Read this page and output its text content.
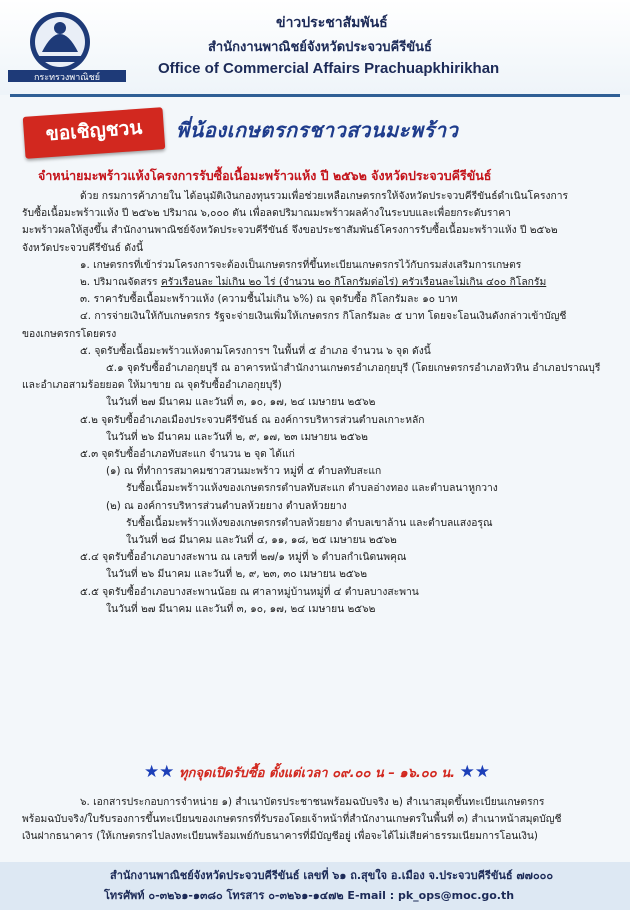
กระทรวงพาณิชย์
ข่าวประชาสัมพันธ์
สำนักงานพาณิชย์จังหวัดประจวบคีรีขันธ์
Office of Commercial Affairs Prachuapkhirikhan
ขอเชิญชวน	พี่น้องเกษตรกรชาวสวนมะพร้าว
จำหน่ายมะพร้าวแห้งโครงการรับซื้อเนื้อมะพร้าวแห้ง ปี ๒๕๖๒ จังหวัดประจวบคีรีขันธ์

ด้วย กรมการค้าภายใน ได้อนุมัติเงินกองทุนรวมเพื่อช่วยเหลือเกษตรกรให้จังหวัดประจวบคีรีขันธ์ดำเนินโครงการ

รับซื้อเนื้อมะพร้าวแห้ง ปี ๒๕๖๒ ปริมาณ ๖,๐๐๐ ตัน เพื่อลดปริมาณมะพร้าวผลค้างในระบบและเพื่อยกระดับราคา

มะพร้าวผลให้สูงขึ้น สำนักงานพาณิชย์จังหวัดประจวบคีรีขันธ์ จึงขอประชาสัมพันธ์โครงการรับซื้อเนื้อมะพร้าวแห้ง ปี ๒๕๖๒

จังหวัดประจวบคีรีขันธ์ ดังนี้

๑. เกษตรกรที่เข้าร่วมโครงการจะต้องเป็นเกษตรกรที่ขึ้นทะเบียนเกษตรกรไว้กับกรมส่งเสริมการเกษตร

๒. ปริมาณจัดสรร ครัวเรือนละ ไม่เกิน ๒๐ ไร่ (จำนวน ๒๐ กิโลกรัมต่อไร่) ครัวเรือนละไม่เกิน ๔๐๐ กิโลกรัม

๓. ราคารับซื้อเนื้อมะพร้าวแห้ง (ความชื้นไม่เกิน ๖%) ณ จุดรับซื้อ กิโลกรัมละ ๑๐ บาท

๔. การจ่ายเงินให้กับเกษตรกร รัฐจะจ่ายเงินเพิ่มให้เกษตรกร กิโลกรัมละ ๕ บาท โดยจะโอนเงินดังกล่าวเข้าบัญชี

ของเกษตรกรโดยตรง

๕. จุดรับซื้อเนื้อมะพร้าวแห้งตามโครงการฯ ในพื้นที่ ๕ อำเภอ จำนวน ๖ จุด ดังนี้

๕.๑ จุดรับซื้ออำเภอกุยบุรี ณ อาคารหน้าสำนักงานเกษตรอำเภอกุยบุรี (โดยเกษตรกรอำเภอหัวหิน อำเภอปราณบุรี

และอำเภอสามร้อยยอด ให้มาขาย ณ จุดรับซื้ออำเภอกุยบุรี)

ในวันที่ ๒๗ มีนาคม และวันที่ ๓, ๑๐, ๑๗, ๒๔ เมษายน ๒๕๖๒

๕.๒ จุดรับซื้ออำเภอเมืองประจวบคีรีขันธ์ ณ องค์การบริหารส่วนตำบลเกาะหลัก

ในวันที่ ๒๖ มีนาคม และวันที่ ๒, ๙, ๑๗, ๒๓ เมษายน ๒๕๖๒

๕.๓ จุดรับซื้ออำเภอทับสะแก จำนวน ๒ จุด ได้แก่

(๑) ณ ที่ทำการสมาคมชาวสวนมะพร้าว หมู่ที่ ๕ ตำบลทับสะแก

รับซื้อเนื้อมะพร้าวแห้งของเกษตรกรตำบลทับสะแก ตำบลอ่างทอง และตำบลนาหูกวาง

(๒) ณ องค์การบริหารส่วนตำบลห้วยยาง ตำบลห้วยยาง

รับซื้อเนื้อมะพร้าวแห้งของเกษตรกรตำบลห้วยยาง ตำบลเขาล้าน และตำบลแสงอรุณ

ในวันที่ ๒๘ มีนาคม และวันที่ ๔, ๑๑, ๑๘, ๒๕ เมษายน ๒๕๖๒

๕.๔ จุดรับซื้ออำเภอบางสะพาน ณ เลขที่ ๒๗/๑ หมู่ที่ ๖ ตำบลกำเนิดนพคุณ

ในวันที่ ๒๖ มีนาคม และวันที่ ๒, ๙, ๒๓, ๓๐ เมษายน ๒๕๖๒

๕.๕ จุดรับซื้ออำเภอบางสะพานน้อย ณ ศาลาหมู่บ้านหมู่ที่ ๔ ตำบลบางสะพาน

ในวันที่ ๒๗ มีนาคม และวันที่ ๓, ๑๐, ๑๗, ๒๔ เมษายน ๒๕๖๒

★★ ทุกจุดเปิดรับซื้อ ตั้งแต่เวลา ๐๙.๐๐ น – ๑๖.๐๐ น. ★★

๖. เอกสารประกอบการจำหน่าย ๑) สำเนาบัตรประชาชนพร้อมฉบับจริง ๒) สำเนาสมุดขึ้นทะเบียนเกษตรกร

พร้อมฉบับจริง/ใบรับรองการขึ้นทะเบียนของเกษตรกรที่รับรองโดยเจ้าหน้าที่สำนักงานเกษตรในพื้นที่ ๓) สำเนาหน้าสมุดบัญชี

เงินฝากธนาคาร (ให้เกษตรกรไปลงทะเบียนพร้อมเพย์กับธนาคารที่มีบัญชีอยู่ เพื่อจะได้ไม่เสียค่าธรรมเนียมการโอนเงิน)

สำนักงานพาณิชย์จังหวัดประจวบคีรีขันธ์ เลขที่ ๖๑ ถ.สุขใจ อ.เมือง จ.ประจวบคีรีขันธ์ ๗๗๐๐๐
โทรศัพท์ ๐-๓๒๖๑-๑๓๘๐ โทรสาร ๐-๓๒๖๑-๑๔๗๒ E-mail : pk_ops@moc.go.th
